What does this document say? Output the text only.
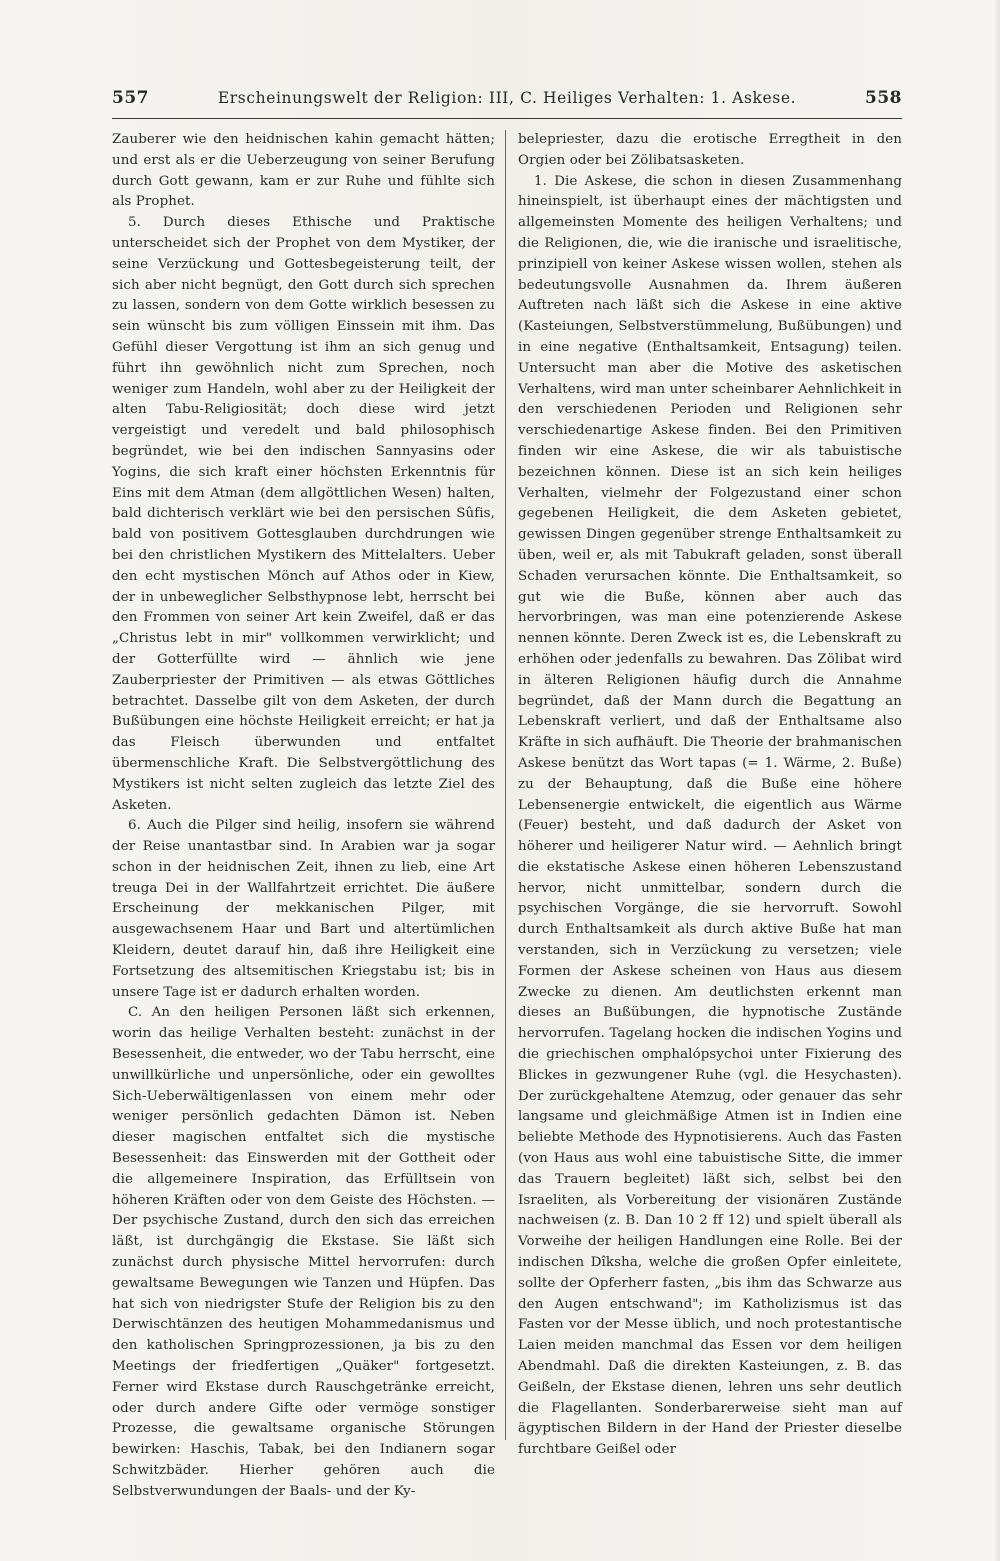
557	Erscheinungswelt der Religion: III, C. Heiliges Verhalten: 1. Askese.	558

Zauberer wie den heidnischen kahin gemacht hätten; und erst als er die Ueberzeugung von seiner Berufung durch Gott gewann, kam er zur Ruhe und fühlte sich als Prophet.

5. Durch dieses Ethische und Praktische unterscheidet sich der Prophet von dem Mystiker, der seine Verzückung und Gottesbegeisterung teilt, der sich aber nicht begnügt, den Gott durch sich sprechen zu lassen, sondern von dem Gotte wirklich besessen zu sein wünscht bis zum völligen Einssein mit ihm. Das Gefühl dieser Vergottung ist ihm an sich genug und führt ihn gewöhnlich nicht zum Sprechen, noch weniger zum Handeln, wohl aber zu der Heiligkeit der alten Tabu-Religiosität; doch diese wird jetzt vergeistigt und veredelt und bald philosophisch begründet, wie bei den indischen Sannyasins oder Yogins, die sich kraft einer höchsten Erkenntnis für Eins mit dem Atman (dem allgöttlichen Wesen) halten, bald dichterisch verklärt wie bei den persischen Sûfis, bald von positivem Gottesglauben durchdrungen wie bei den christlichen Mystikern des Mittelalters. Ueber den echt mystischen Mönch auf Athos oder in Kiew, der in unbeweglicher Selbsthypnose lebt, herrscht bei den Frommen von seiner Art kein Zweifel, daß er das „Christus lebt in mir" vollkommen verwirklicht; und der Gotterfüllte wird — ähnlich wie jene Zauberpriester der Primitiven — als etwas Göttliches betrachtet. Dasselbe gilt von dem Asketen, der durch Bußübungen eine höchste Heiligkeit erreicht; er hat ja das Fleisch überwunden und entfaltet übermenschliche Kraft. Die Selbstvergöttlichung des Mystikers ist nicht selten zugleich das letzte Ziel des Asketen.

6. Auch die Pilger sind heilig, insofern sie während der Reise unantastbar sind. In Arabien war ja sogar schon in der heidnischen Zeit, ihnen zu lieb, eine Art treuga Dei in der Wallfahrtzeit errichtet. Die äußere Erscheinung der mekkanischen Pilger, mit ausgewachsenem Haar und Bart und altertümlichen Kleidern, deutet darauf hin, daß ihre Heiligkeit eine Fortsetzung des altsemitischen Kriegstabu ist; bis in unsere Tage ist er dadurch erhalten worden.

C. An den heiligen Personen läßt sich erkennen, worin das heilige Verhalten besteht: zunächst in der Besessenheit, die entweder, wo der Tabu herrscht, eine unwillkürliche und unpersönliche, oder ein gewolltes Sich-Ueberwältigenlassen von einem mehr oder weniger persönlich gedachten Dämon ist. Neben dieser magischen entfaltet sich die mystische Besessenheit: das Einswerden mit der Gottheit oder die allgemeinere Inspiration, das Erfülltsein von höheren Kräften oder von dem Geiste des Höchsten. — Der psychische Zustand, durch den sich das erreichen läßt, ist durchgängig die Ekstase. Sie läßt sich zunächst durch physische Mittel hervorrufen: durch gewaltsame Bewegungen wie Tanzen und Hüpfen. Das hat sich von niedrigster Stufe der Religion bis zu den Derwischtänzen des heutigen Mohammedanismus und den katholischen Springprozessionen, ja bis zu den Meetings der friedfertigen „Quäker" fortgesetzt. Ferner wird Ekstase durch Rauschgetränke erreicht, oder durch andere Gifte oder vermöge sonstiger Prozesse, die gewaltsame organische Störungen bewirken: Haschis, Tabak, bei den Indianern sogar Schwitzbäder. Hierher gehören auch die Selbstverwundungen der Baals- und der Ky-

belepriester, dazu die erotische Erregtheit in den Orgien oder bei Zölibatsasketen.

1. Die Askese, die schon in diesen Zusammenhang hineinspielt, ist überhaupt eines der mächtigsten und allgemeinsten Momente des heiligen Verhaltens; und die Religionen, die, wie die iranische und israelitische, prinzipiell von keiner Askese wissen wollen, stehen als bedeutungsvolle Ausnahmen da. Ihrem äußeren Auftreten nach läßt sich die Askese in eine aktive (Kasteiungen, Selbstverstümmelung, Bußübungen) und in eine negative (Enthaltsamkeit, Entsagung) teilen. Untersucht man aber die Motive des asketischen Verhaltens, wird man unter scheinbarer Aehnlichkeit in den verschiedenen Perioden und Religionen sehr verschiedenartige Askese finden. Bei den Primitiven finden wir eine Askese, die wir als tabuistische bezeichnen können. Diese ist an sich kein heiliges Verhalten, vielmehr der Folgezustand einer schon gegebenen Heiligkeit, die dem Asketen gebietet, gewissen Dingen gegenüber strenge Enthaltsamkeit zu üben, weil er, als mit Tabukraft geladen, sonst überall Schaden verursachen könnte. Die Enthaltsamkeit, so gut wie die Buße, können aber auch das hervorbringen, was man eine potenzierende Askese nennen könnte. Deren Zweck ist es, die Lebenskraft zu erhöhen oder jedenfalls zu bewahren. Das Zölibat wird in älteren Religionen häufig durch die Annahme begründet, daß der Mann durch die Begattung an Lebenskraft verliert, und daß der Enthaltsame also Kräfte in sich aufhäuft. Die Theorie der brahmanischen Askese benützt das Wort tapas (= 1. Wärme, 2. Buße) zu der Behauptung, daß die Buße eine höhere Lebensenergie entwickelt, die eigentlich aus Wärme (Feuer) besteht, und daß dadurch der Asket von höherer und heiligerer Natur wird. — Aehnlich bringt die ekstatische Askese einen höheren Lebenszustand hervor, nicht unmittelbar, sondern durch die psychischen Vorgänge, die sie hervorruft. Sowohl durch Enthaltsamkeit als durch aktive Buße hat man verstanden, sich in Verzückung zu versetzen; viele Formen der Askese scheinen von Haus aus diesem Zwecke zu dienen. Am deutlichsten erkennt man dieses an Bußübungen, die hypnotische Zustände hervorrufen. Tagelang hocken die indischen Yogins und die griechischen omphalópsychoi unter Fixierung des Blickes in gezwungener Ruhe (vgl. die Hesychasten). Der zurückgehaltene Atemzug, oder genauer das sehr langsame und gleichmäßige Atmen ist in Indien eine beliebte Methode des Hypnotisierens. Auch das Fasten (von Haus aus wohl eine tabuistische Sitte, die immer das Trauern begleitet) läßt sich, selbst bei den Israeliten, als Vorbereitung der visionären Zustände nachweisen (z. B. Dan 10 2 ff 12) und spielt überall als Vorweihe der heiligen Handlungen eine Rolle. Bei der indischen Dîksha, welche die großen Opfer einleitete, sollte der Opferherr fasten, „bis ihm das Schwarze aus den Augen entschwand"; im Katholizismus ist das Fasten vor der Messe üblich, und noch protestantische Laien meiden manchmal das Essen vor dem heiligen Abendmahl. Daß die direkten Kasteiungen, z. B. das Geißeln, der Ekstase dienen, lehren uns sehr deutlich die Flagellanten. Sonderbarerweise sieht man auf ägyptischen Bildern in der Hand der Priester dieselbe furchtbare Geißel oder
